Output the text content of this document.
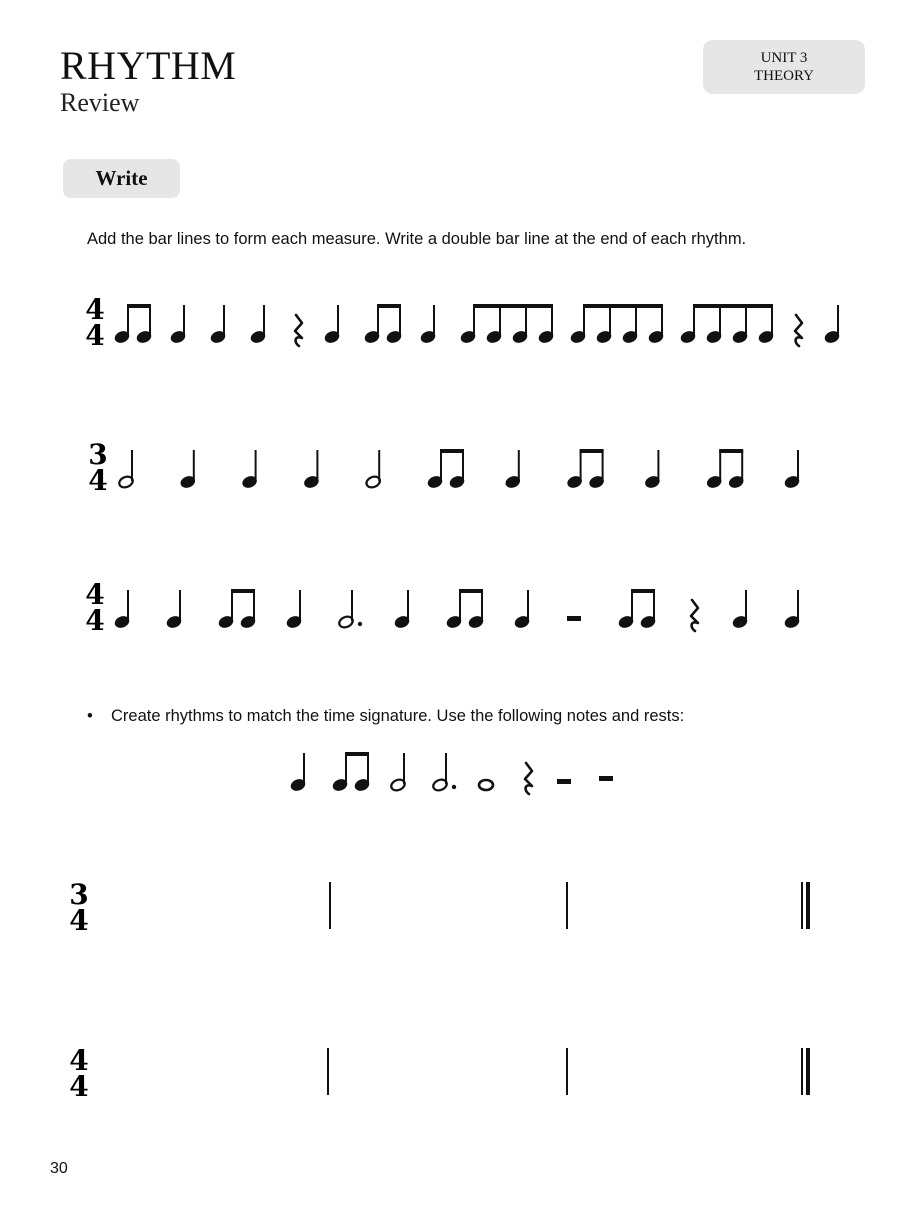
RHYTHM
Review
UNIT 3
THEORY
Write
Add the bar lines to form each measure. Write a double bar line at the end of each rhythm.
4
4
3
4
4
4
• Create rhythms to match the time signature. Use the following notes and rests:
3
4
4
4
30
